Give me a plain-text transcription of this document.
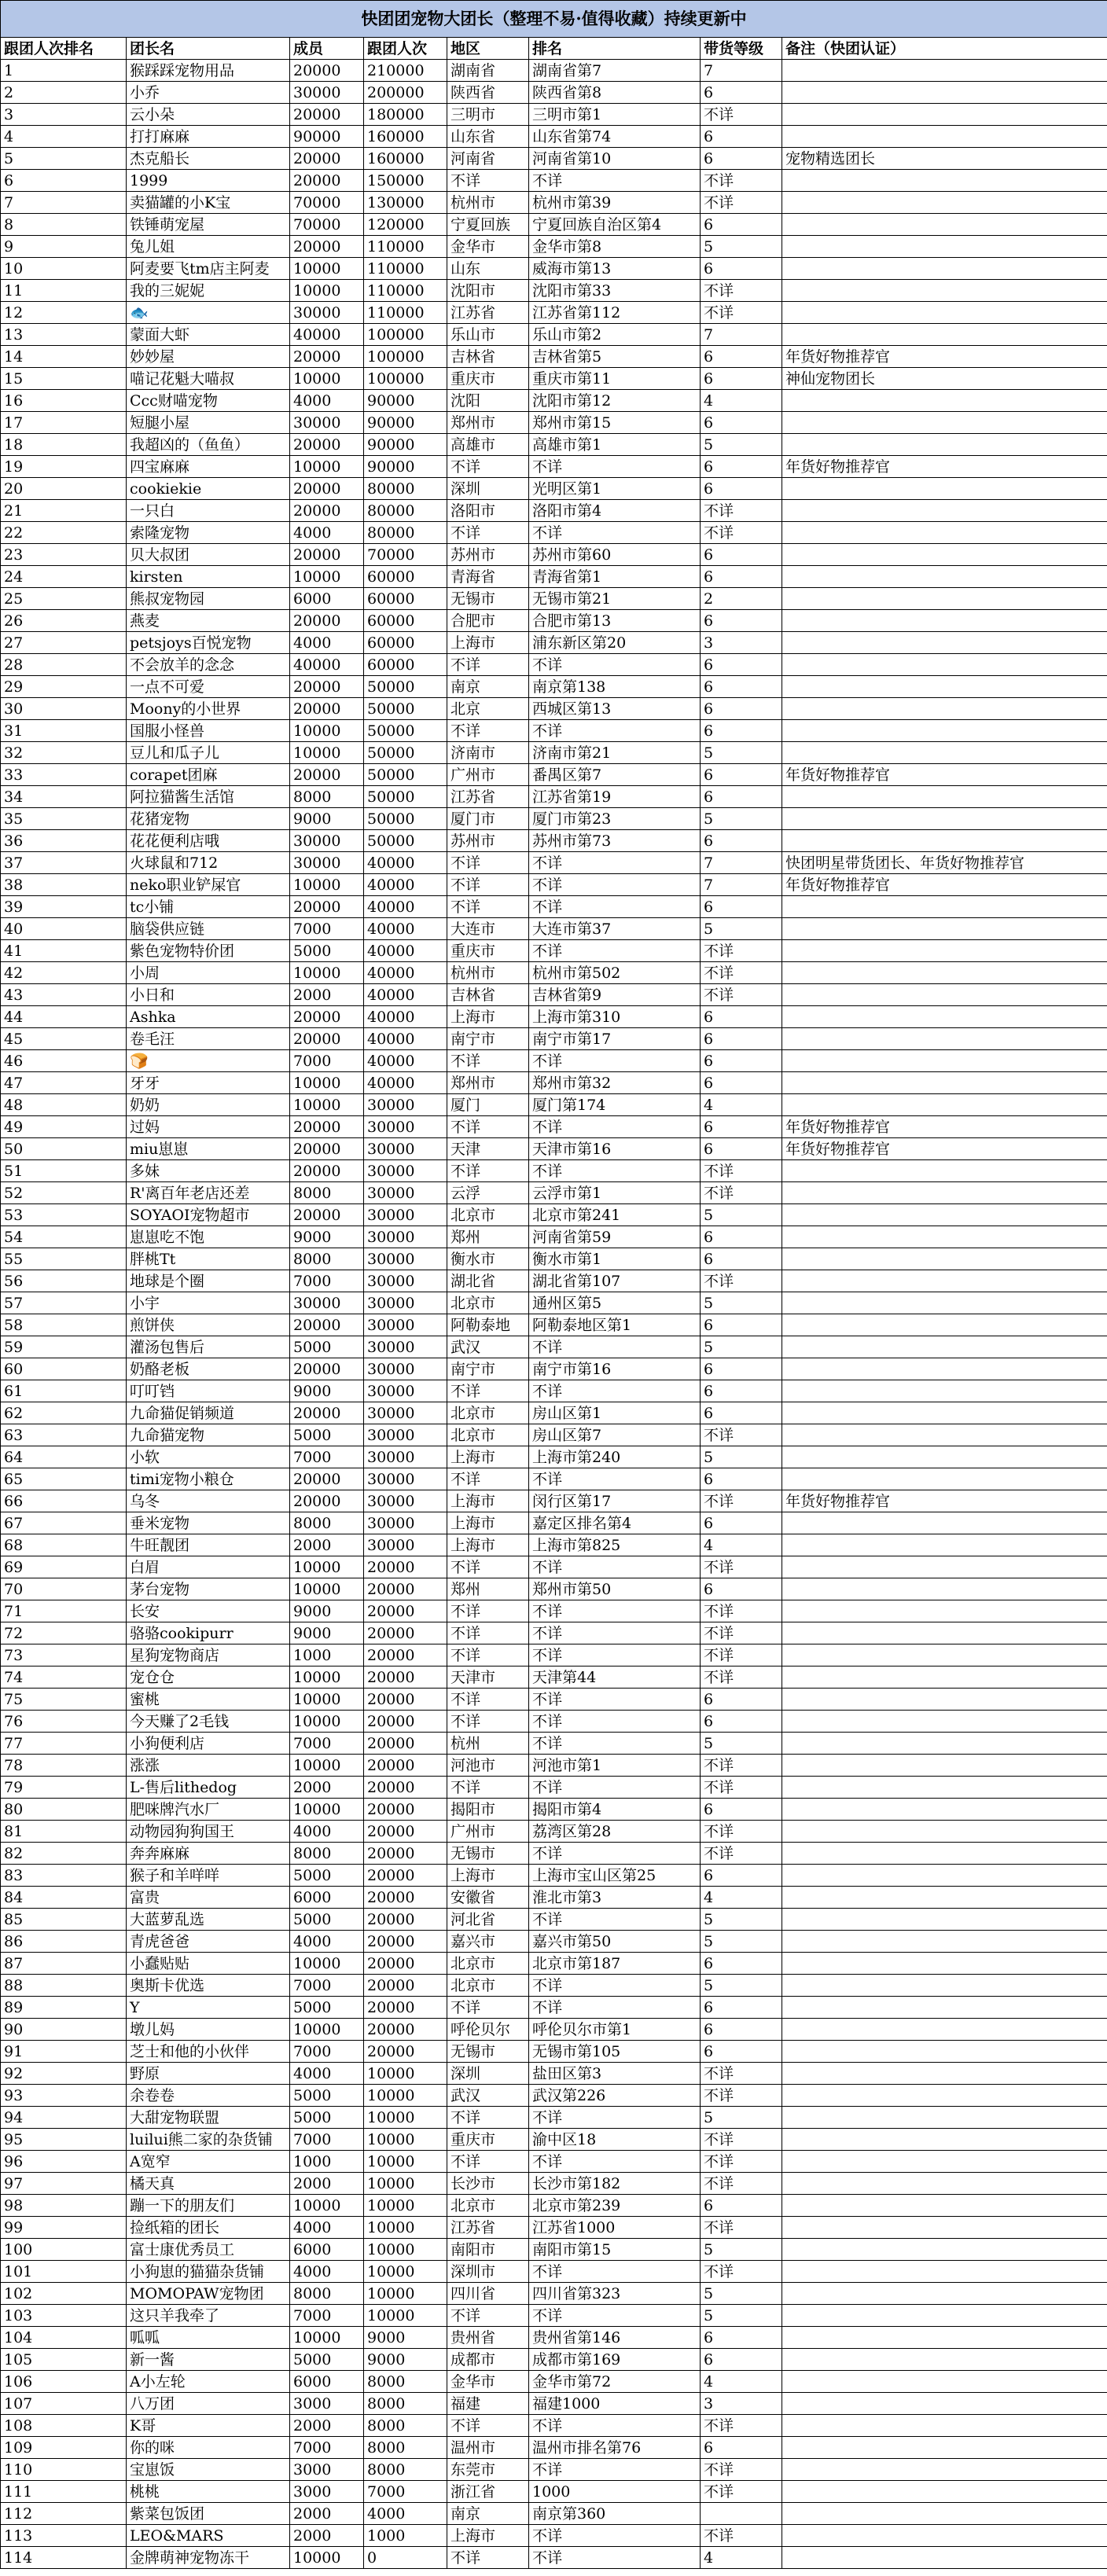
快团团宠物大团长（整理不易·值得收藏）持续更新中							
跟团人次排名	团长名	成员	跟团人次	地区	排名	带货等级	备注（快团认证）
1	猴踩踩宠物用品	20000	210000	湖南省	湖南省第7	7	
2	小乔	30000	200000	陕西省	陕西省第8	6	
3	云小朵	20000	180000	三明市	三明市第1	不详	
4	打打麻麻	90000	160000	山东省	山东省第74	6	
5	杰克船长	20000	160000	河南省	河南省第10	6	宠物精选团长
6	1999	20000	150000	不详	不详	不详	
7	卖猫罐的小K宝	70000	130000	杭州市	杭州市第39	不详	
8	铁锤萌宠屋	70000	120000	宁夏回族	宁夏回族自治区第4	6	
9	兔儿姐	20000	110000	金华市	金华市第8	5	
10	阿麦要飞tm店主阿麦	10000	110000	山东	威海市第13	6	
11	我的三妮妮	10000	110000	沈阳市	沈阳市第33	不详	
12	🐟	30000	110000	江苏省	江苏省第112	不详	
13	蒙面大虾	40000	100000	乐山市	乐山市第2	7	
14	妙妙屋	20000	100000	吉林省	吉林省第5	6	年货好物推荐官
15	喵记花魁大喵叔	10000	100000	重庆市	重庆市第11	6	神仙宠物团长
16	Ccc财喵宠物	4000	90000	沈阳	沈阳市第12	4	
17	短腿小屋	30000	90000	郑州市	郑州市第15	6	
18	我超凶的（鱼鱼）	20000	90000	高雄市	高雄市第1	5	
19	四宝麻麻	10000	90000	不详	不详	6	年货好物推荐官
20	cookiekie	20000	80000	深圳	光明区第1	6	
21	一只白	20000	80000	洛阳市	洛阳市第4	不详	
22	索隆宠物	4000	80000	不详	不详	不详	
23	贝大叔团	20000	70000	苏州市	苏州市第60	6	
24	kirsten	10000	60000	青海省	青海省第1	6	
25	熊叔宠物园	6000	60000	无锡市	无锡市第21	2	
26	燕麦	20000	60000	合肥市	合肥市第13	6	
27	petsjoys百悦宠物	4000	60000	上海市	浦东新区第20	3	
28	不会放羊的念念	40000	60000	不详	不详	6	
29	一点不可爱	20000	50000	南京	南京第138	6	
30	Moony的小世界	20000	50000	北京	西城区第13	6	
31	国服小怪兽	10000	50000	不详	不详	6	
32	豆儿和瓜子儿	10000	50000	济南市	济南市第21	5	
33	corapet团麻	20000	50000	广州市	番禺区第7	6	年货好物推荐官
34	阿拉猫酱生活馆	8000	50000	江苏省	江苏省第19	6	
35	花猪宠物	9000	50000	厦门市	厦门市第23	5	
36	花花便利店哦	30000	50000	苏州市	苏州市第73	6	
37	火球鼠和712	30000	40000	不详	不详	7	快团明星带货团长、年货好物推荐官
38	neko职业铲屎官	10000	40000	不详	不详	7	年货好物推荐官
39	tc小铺	20000	40000	不详	不详	6	
40	脑袋供应链	7000	40000	大连市	大连市第37	5	
41	紫色宠物特价团	5000	40000	重庆市	不详	不详	
42	小周	10000	40000	杭州市	杭州市第502	不详	
43	小日和	2000	40000	吉林省	吉林省第9	不详	
44	Ashka	20000	40000	上海市	上海市第310	6	
45	卷毛汪	20000	40000	南宁市	南宁市第17	6	
46	🍞	7000	40000	不详	不详	6	
47	牙牙	10000	40000	郑州市	郑州市第32	6	
48	奶奶	10000	30000	厦门	厦门第174	4	
49	过妈	20000	30000	不详	不详	6	年货好物推荐官
50	miu崽崽	20000	30000	天津	天津市第16	6	年货好物推荐官
51	多妹	20000	30000	不详	不详	不详	
52	R'离百年老店还差	8000	30000	云浮	云浮市第1	不详	
53	SOYAOI宠物超市	20000	30000	北京市	北京市第241	5	
54	崽崽吃不饱	9000	30000	郑州	河南省第59	6	
55	胖桃Tt	8000	30000	衡水市	衡水市第1	6	
56	地球是个圈	7000	30000	湖北省	湖北省第107	不详	
57	小宇	30000	30000	北京市	通州区第5	5	
58	煎饼侠	20000	30000	阿勒泰地	阿勒泰地区第1	6	
59	灌汤包售后	5000	30000	武汉	不详	5	
60	奶酪老板	20000	30000	南宁市	南宁市第16	6	
61	叮叮铛	9000	30000	不详	不详	6	
62	九命猫促销频道	20000	30000	北京市	房山区第1	6	
63	九命猫宠物	5000	30000	北京市	房山区第7	不详	
64	小软	7000	30000	上海市	上海市第240	5	
65	timi宠物小粮仓	20000	30000	不详	不详	6	
66	乌冬	20000	30000	上海市	闵行区第17	不详	年货好物推荐官
67	垂米宠物	8000	30000	上海市	嘉定区排名第4	6	
68	牛旺靓团	2000	30000	上海市	上海市第825	4	
69	白眉	10000	20000	不详	不详	不详	
70	茅台宠物	10000	20000	郑州	郑州市第50	6	
71	长安	9000	20000	不详	不详	不详	
72	骆骆cookipurr	9000	20000	不详	不详	不详	
73	星狗宠物商店	1000	20000	不详	不详	不详	
74	宠仓仓	10000	20000	天津市	天津第44	不详	
75	蜜桃	10000	20000	不详	不详	6	
76	今天赚了2毛钱	10000	20000	不详	不详	6	
77	小狗便利店	7000	20000	杭州	不详	5	
78	涨涨	10000	20000	河池市	河池市第1	不详	
79	L-售后lithedog	2000	20000	不详	不详	不详	
80	肥咪牌汽水厂	10000	20000	揭阳市	揭阳市第4	6	
81	动物园狗狗国王	4000	20000	广州市	荔湾区第28	不详	
82	奔奔麻麻	8000	20000	无锡市	不详	不详	
83	猴子和羊咩咩	5000	20000	上海市	上海市宝山区第25	6	
84	富贵	6000	20000	安徽省	淮北市第3	4	
85	大蓝萝乱选	5000	20000	河北省	不详	5	
86	青虎爸爸	4000	20000	嘉兴市	嘉兴市第50	5	
87	小蠢贴贴	10000	20000	北京市	北京市第187	6	
88	奥斯卡优选	7000	20000	北京市	不详	5	
89	Y	5000	20000	不详	不详	6	
90	墩儿妈	10000	20000	呼伦贝尔	呼伦贝尔市第1	6	
91	芝士和他的小伙伴	7000	20000	无锡市	无锡市第105	6	
92	野原	4000	10000	深圳	盐田区第3	不详	
93	余卷卷	5000	10000	武汉	武汉第226	不详	
94	大甜宠物联盟	5000	10000	不详	不详	5	
95	luilui熊二家的杂货铺	7000	10000	重庆市	渝中区18	不详	
96	A宽窄	1000	10000	不详	不详	不详	
97	橘天真	2000	10000	长沙市	长沙市第182	不详	
98	蹦一下的朋友们	10000	10000	北京市	北京市第239	6	
99	捡纸箱的团长	4000	10000	江苏省	江苏省1000	不详	
100	富士康优秀员工	6000	10000	南阳市	南阳市第15	5	
101	小狗崽的猫猫杂货铺	4000	10000	深圳市	不详	不详	
102	MOMOPAW宠物团	8000	10000	四川省	四川省第323	5	
103	这只羊我牵了	7000	10000	不详	不详	5	
104	呱呱	10000	9000	贵州省	贵州省第146	6	
105	新一酱	5000	9000	成都市	成都市第169	6	
106	A小左轮	6000	8000	金华市	金华市第72	4	
107	八万团	3000	8000	福建	福建1000	3	
108	K哥	2000	8000	不详	不详	不详	
109	你的咪	7000	8000	温州市	温州市排名第76	6	
110	宝崽饭	3000	8000	东莞市	不详	不详	
111	桃桃	3000	7000	浙江省	1000	不详	
112	紫菜包饭团	2000	4000	南京	南京第360		
113	LEO&MARS	2000	1000	上海市	不详	不详	
114	金牌萌神宠物冻干	10000	0	不详	不详	4	
